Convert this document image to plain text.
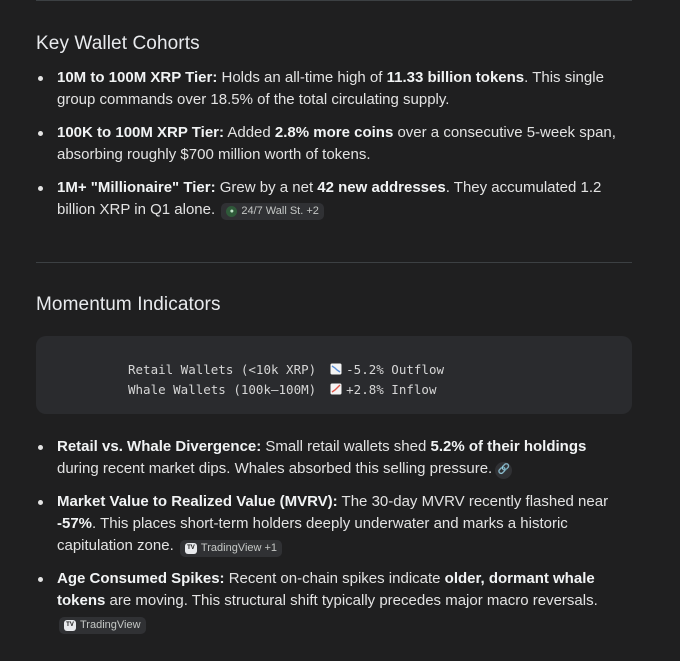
Key Wallet Cohorts
10M to 100M XRP Tier: Holds an all-time high of 11.33 billion tokens. This single group commands over 18.5% of the total circulating supply.
100K to 100M XRP Tier: Added 2.8% more coins over a consecutive 5-week span, absorbing roughly $700 million worth of tokens.
1M+ "Millionaire" Tier: Grew by a net 42 new addresses. They accumulated 1.2 billion XRP in Q1 alone.	● 24/7 Wall St. +2
Momentum Indicators
Retail Wallets (<10k XRP) -5.2% Outflow
Whale Wallets (100k–100M) +2.8% Inflow
Retail vs. Whale Divergence: Small retail wallets shed 5.2% of their holdings during recent market dips. Whales absorbed this selling pressure. 🔗
Market Value to Realized Value (MVRV): The 30-day MVRV recently flashed near -57%. This places short-term holders deeply underwater and marks a historic capitulation zone.	TV TradingView +1
Age Consumed Spikes: Recent on-chain spikes indicate older, dormant whale tokens are moving. This structural shift typically precedes major macro reversals.
TV TradingView
